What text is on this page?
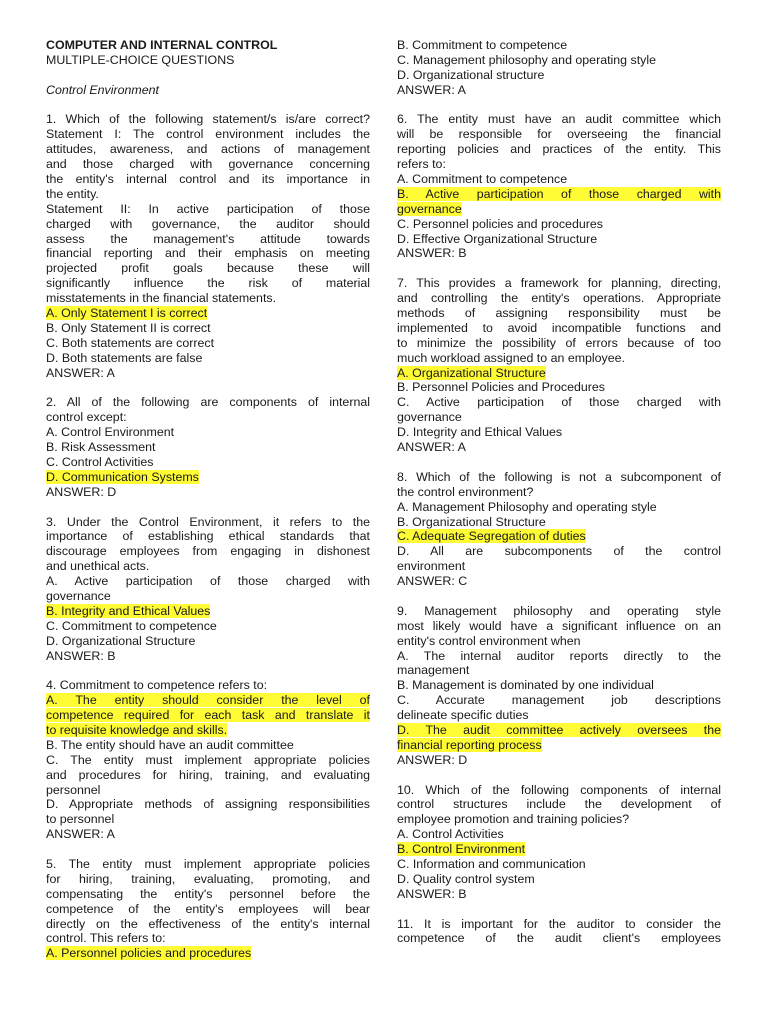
COMPUTER AND INTERNAL CONTROL
MULTIPLE-CHOICE QUESTIONS
Control Environment
1. Which of the following statement/s is/are correct?
Statement I: The control environment includes the
attitudes, awareness, and actions of management
and those charged with governance concerning
the entity's internal control and its importance in
the entity.
Statement II: In active participation of those
charged with governance, the auditor should
assess the management's attitude towards
financial reporting and their emphasis on meeting
projected profit goals because these will
significantly influence the risk of material
misstatements in the financial statements.
A. Only Statement I is correct
B. Only Statement II is correct
C. Both statements are correct
D. Both statements are false
ANSWER: A
2. All of the following are components of internal
control except:
A. Control Environment
B. Risk Assessment
C. Control Activities
D. Communication Systems
ANSWER: D
3. Under the Control Environment, it refers to the
importance of establishing ethical standards that
discourage employees from engaging in dishonest
and unethical acts.
A. Active participation of those charged with
governance
B. Integrity and Ethical Values
C. Commitment to competence
D. Organizational Structure
ANSWER: B
4. Commitment to competence refers to:
A. The entity should consider the level of
competence required for each task and translate it
to requisite knowledge and skills.
B. The entity should have an audit committee
C. The entity must implement appropriate policies
and procedures for hiring, training, and evaluating
personnel
D. Appropriate methods of assigning responsibilities
to personnel
ANSWER: A
5. The entity must implement appropriate policies
for hiring, training, evaluating, promoting, and
compensating the entity's personnel before the
competence of the entity's employees will bear
directly on the effectiveness of the entity's internal
control. This refers to:
A. Personnel policies and procedures
B. Commitment to competence
C. Management philosophy and operating style
D. Organizational structure
ANSWER: A
6. The entity must have an audit committee which
will be responsible for overseeing the financial
reporting policies and practices of the entity. This
refers to:
A. Commitment to competence
B. Active participation of those charged with
governance
C. Personnel policies and procedures
D. Effective Organizational Structure
ANSWER: B
7. This provides a framework for planning, directing,
and controlling the entity's operations. Appropriate
methods of assigning responsibility must be
implemented to avoid incompatible functions and
to minimize the possibility of errors because of too
much workload assigned to an employee.
A. Organizational Structure
B. Personnel Policies and Procedures
C. Active participation of those charged with
governance
D. Integrity and Ethical Values
ANSWER: A
8. Which of the following is not a subcomponent of
the control environment?
A. Management Philosophy and operating style
B. Organizational Structure
C. Adequate Segregation of duties
D. All are subcomponents of the control
environment
ANSWER: C
9. Management philosophy and operating style
most likely would have a significant influence on an
entity's control environment when
A. The internal auditor reports directly to the
management
B. Management is dominated by one individual
C. Accurate management job descriptions
delineate specific duties
D. The audit committee actively oversees the
financial reporting process
ANSWER: D
10. Which of the following components of internal
control structures include the development of
employee promotion and training policies?
A. Control Activities
B. Control Environment
C. Information and communication
D. Quality control system
ANSWER: B
11. It is important for the auditor to consider the
competence of the audit client's employees
